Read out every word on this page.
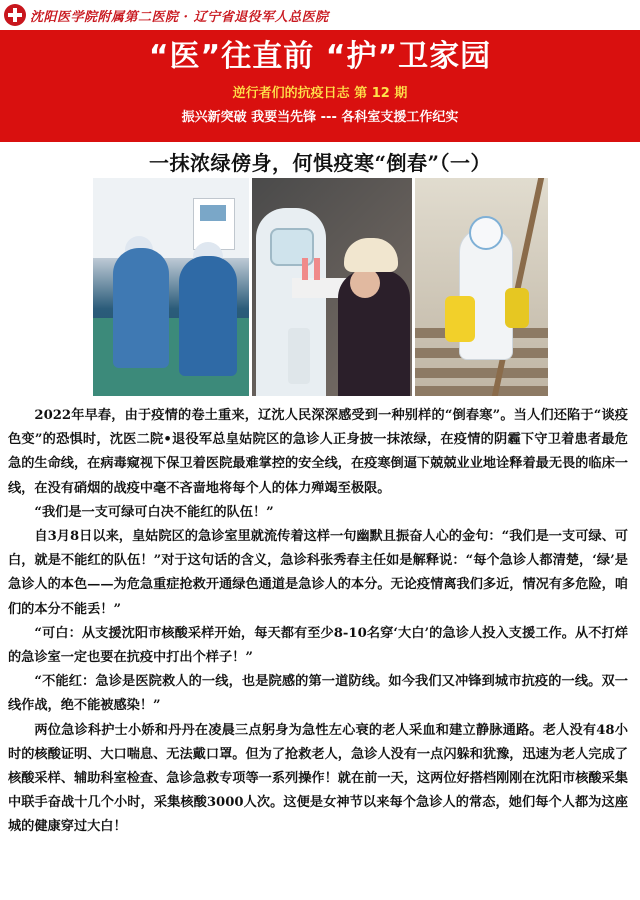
沈阳医学院附属第二医院 · 辽宁省退役军人总医院
“医”往直前 “护”卫家园
逆行者们的抗疫日志 第 12 期
振兴新突破 我要当先锋 --- 各科室支援工作纪实
一抹浓绿傍身，何惧疫寒“倒春”（一）

2022年早春，由于疫情的卷土重来，辽沈人民深深感受到一种别样的“倒春寒”。当人们还陷于“谈疫色变”的恐惧时，沈医二院•退役军总皇姑院区的急诊人正身披一抹浓绿，在疫情的阴霾下守卫着患者最危急的生命线，在病毒窥视下保卫着医院最难掌控的安全线，在疫寒倒逼下兢兢业业地诠释着最无畏的临床一线，在没有硝烟的战疫中毫不吝啬地将每个人的体力殚竭至极限。

“我们是一支可绿可白决不能红的队伍！”

自3月8日以来，皇姑院区的急诊室里就流传着这样一句幽默且振奋人心的金句：“我们是一支可绿、可白，就是不能红的队伍！”对于这句话的含义，急诊科张秀春主任如是解释说：“每个急诊人都清楚，‘绿’是急诊人的本色——为危急重症抢救开通绿色通道是急诊人的本分。无论疫情离我们多近，情况有多危险，咱们的本分不能丢！”

“可白：从支援沈阳市核酸采样开始，每天都有至少8-10名穿‘大白’的急诊人投入支援工作。从不打烊的急诊室一定也要在抗疫中打出个样子！”

“不能红：急诊是医院救人的一线，也是院感的第一道防线。如今我们又冲锋到城市抗疫的一线。双一线作战，绝不能被感染！”

两位急诊科护士小娇和丹丹在凌晨三点躬身为急性左心衰的老人采血和建立静脉通路。老人没有48小时的核酸证明、大口喘息、无法戴口罩。但为了抢救老人，急诊人没有一点闪躲和犹豫，迅速为老人完成了核酸采样、辅助科室检查、急诊急救专项等一系列操作！就在前一天，这两位好搭档刚刚在沈阳市核酸采集中联手奋战十几个小时，采集核酸3000人次。这便是女神节以来每个急诊人的常态，她们每个人都为这座城的健康穿过大白！
